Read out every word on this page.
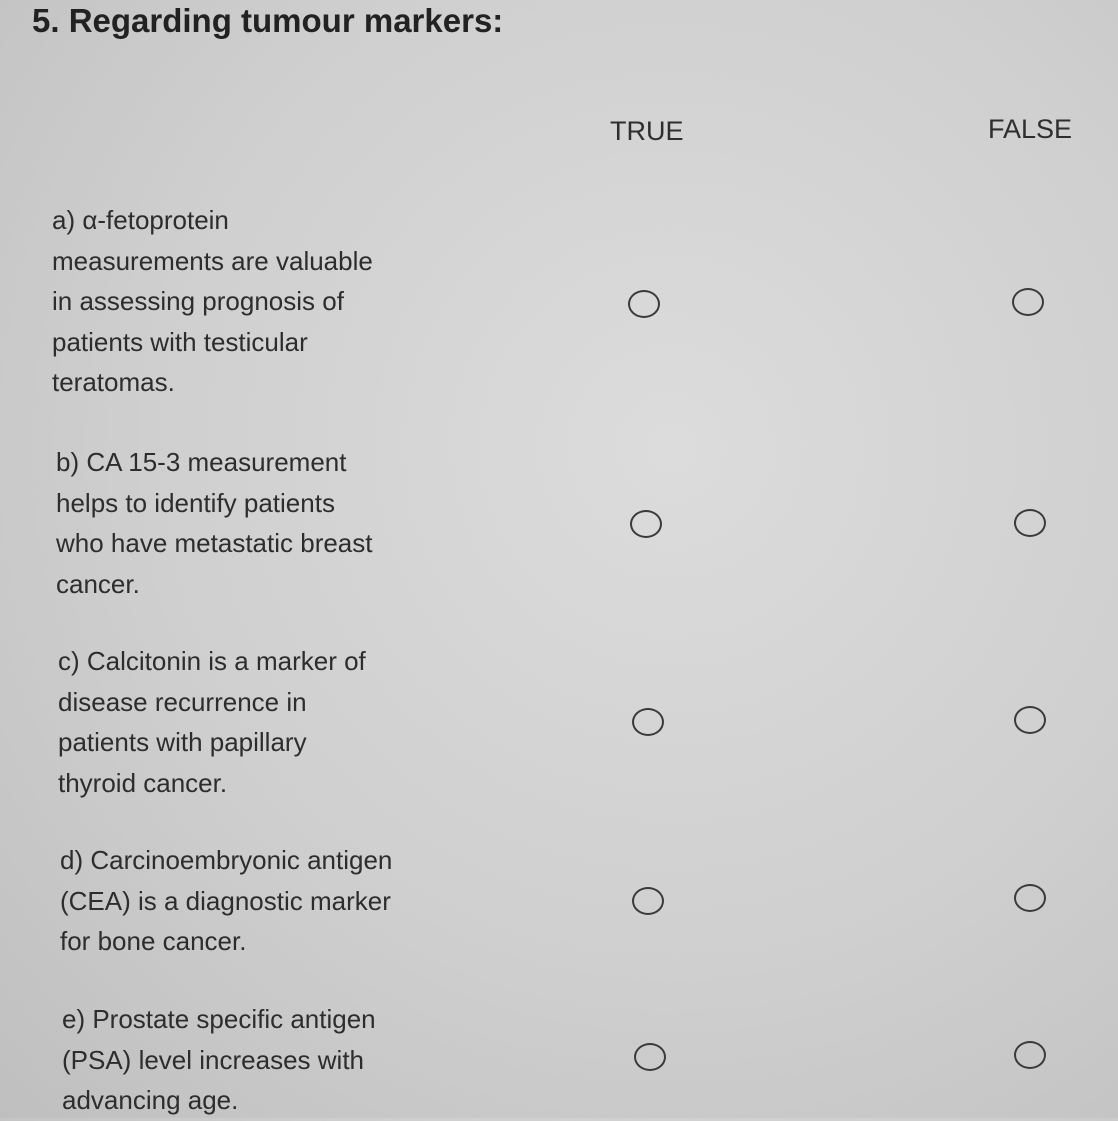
5. Regarding tumour markers:
TRUE	FALSE
a) α-fetoprotein
measurements are valuable
in assessing prognosis of
patients with testicular
teratomas.
b) CA 15-3 measurement
helps to identify patients
who have metastatic breast
cancer.
c) Calcitonin is a marker of
disease recurrence in
patients with papillary
thyroid cancer.
d) Carcinoembryonic antigen
(CEA) is a diagnostic marker
for bone cancer.
e) Prostate specific antigen
(PSA) level increases with
advancing age.
